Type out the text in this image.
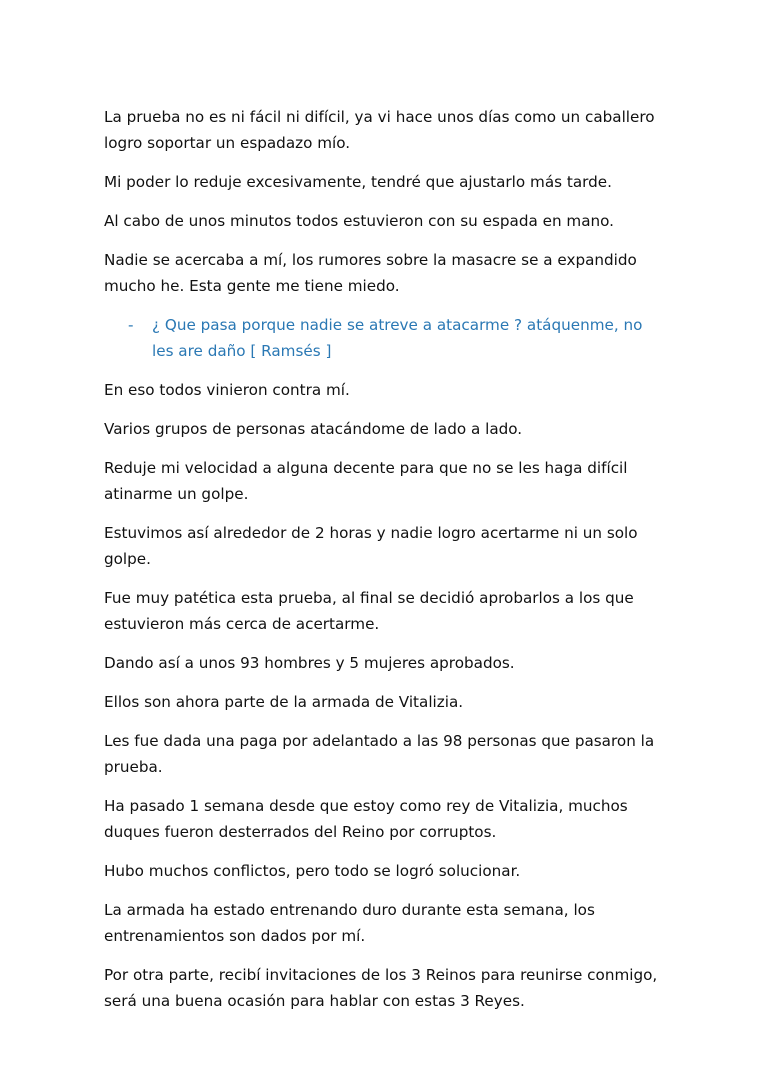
La prueba no es ni fácil ni difícil, ya vi hace unos días como un caballero logro soportar un espadazo mío.

Mi poder lo reduje excesivamente, tendré que ajustarlo más tarde.

Al cabo de unos minutos todos estuvieron con su espada en mano.

Nadie se acercaba a mí, los rumores sobre la masacre se a expandido mucho he. Esta gente me tiene miedo.

- ¿ Que pasa porque nadie se atreve a atacarme ? atáquenme, no les are daño [ Ramsés ]

En eso todos vinieron contra mí.

Varios grupos de personas atacándome de lado a lado.

Reduje mi velocidad a alguna decente para que no se les haga difícil atinarme un golpe.

Estuvimos así alrededor de 2 horas y nadie logro acertarme ni un solo golpe.

Fue muy patética esta prueba, al final se decidió aprobarlos a los que estuvieron más cerca de acertarme.

Dando así a unos 93 hombres y 5 mujeres aprobados.

Ellos son ahora parte de la armada de Vitalizia.

Les fue dada una paga por adelantado a las 98 personas que pasaron la prueba.

Ha pasado 1 semana desde que estoy como rey de Vitalizia, muchos duques fueron desterrados del Reino por corruptos.

Hubo muchos conflictos, pero todo se logró solucionar.

La armada ha estado entrenando duro durante esta semana, los entrenamientos son dados por mí.

Por otra parte, recibí invitaciones de los 3 Reinos para reunirse conmigo, será una buena ocasión para hablar con estas 3 Reyes.
